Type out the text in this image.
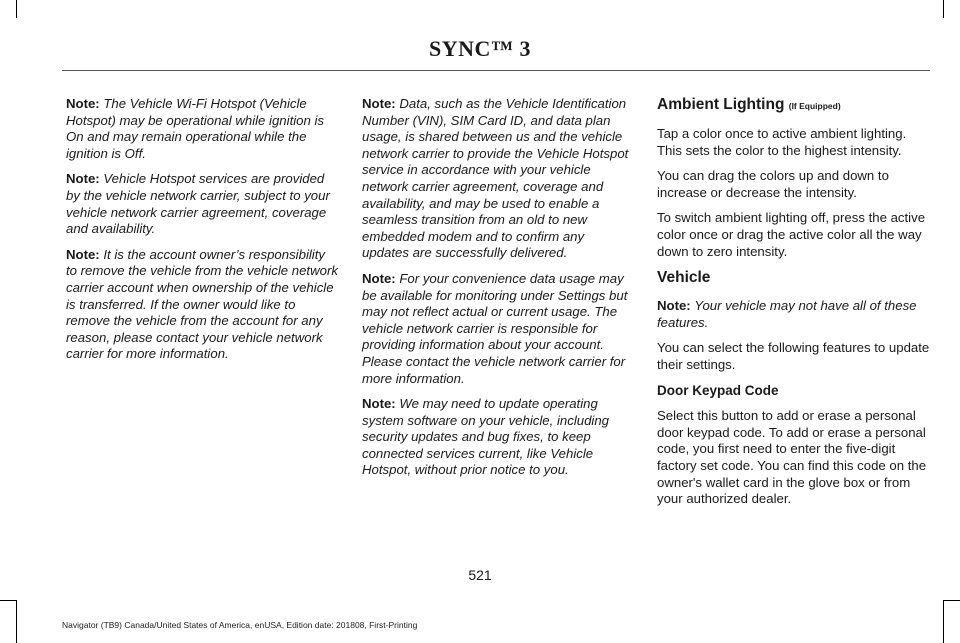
SYNC™ 3

Note: The Vehicle Wi-Fi Hotspot (Vehicle Hotspot) may be operational while ignition is On and may remain operational while the ignition is Off.

Note: Vehicle Hotspot services are provided by the vehicle network carrier, subject to your vehicle network carrier agreement, coverage and availability.

Note: It is the account owner’s responsibility to remove the vehicle from the vehicle network carrier account when ownership of the vehicle is transferred. If the owner would like to remove the vehicle from the account for any reason, please contact your vehicle network carrier for more information.

Note: Data, such as the Vehicle Identification Number (VIN), SIM Card ID, and data plan usage, is shared between us and the vehicle network carrier to provide the Vehicle Hotspot service in accordance with your vehicle network carrier agreement, coverage and availability, and may be used to enable a seamless transition from an old to new embedded modem and to confirm any updates are successfully delivered.

Note: For your convenience data usage may be available for monitoring under Settings but may not reflect actual or current usage. The vehicle network carrier is responsible for providing information about your account. Please contact the vehicle network carrier for more information.

Note: We may need to update operating system software on your vehicle, including security updates and bug fixes, to keep connected services current, like Vehicle Hotspot, without prior notice to you.

Ambient Lighting (If Equipped)

Tap a color once to active ambient lighting. This sets the color to the highest intensity.

You can drag the colors up and down to increase or decrease the intensity.

To switch ambient lighting off, press the active color once or drag the active color all the way down to zero intensity.

Vehicle

Note: Your vehicle may not have all of these features.

You can select the following features to update their settings.

Door Keypad Code

Select this button to add or erase a personal door keypad code. To add or erase a personal code, you first need to enter the five-digit factory set code. You can find this code on the owner's wallet card in the glove box or from your authorized dealer.

521
Navigator (TB9) Canada/United States of America, enUSA, Edition date: 201808, First-Printing
